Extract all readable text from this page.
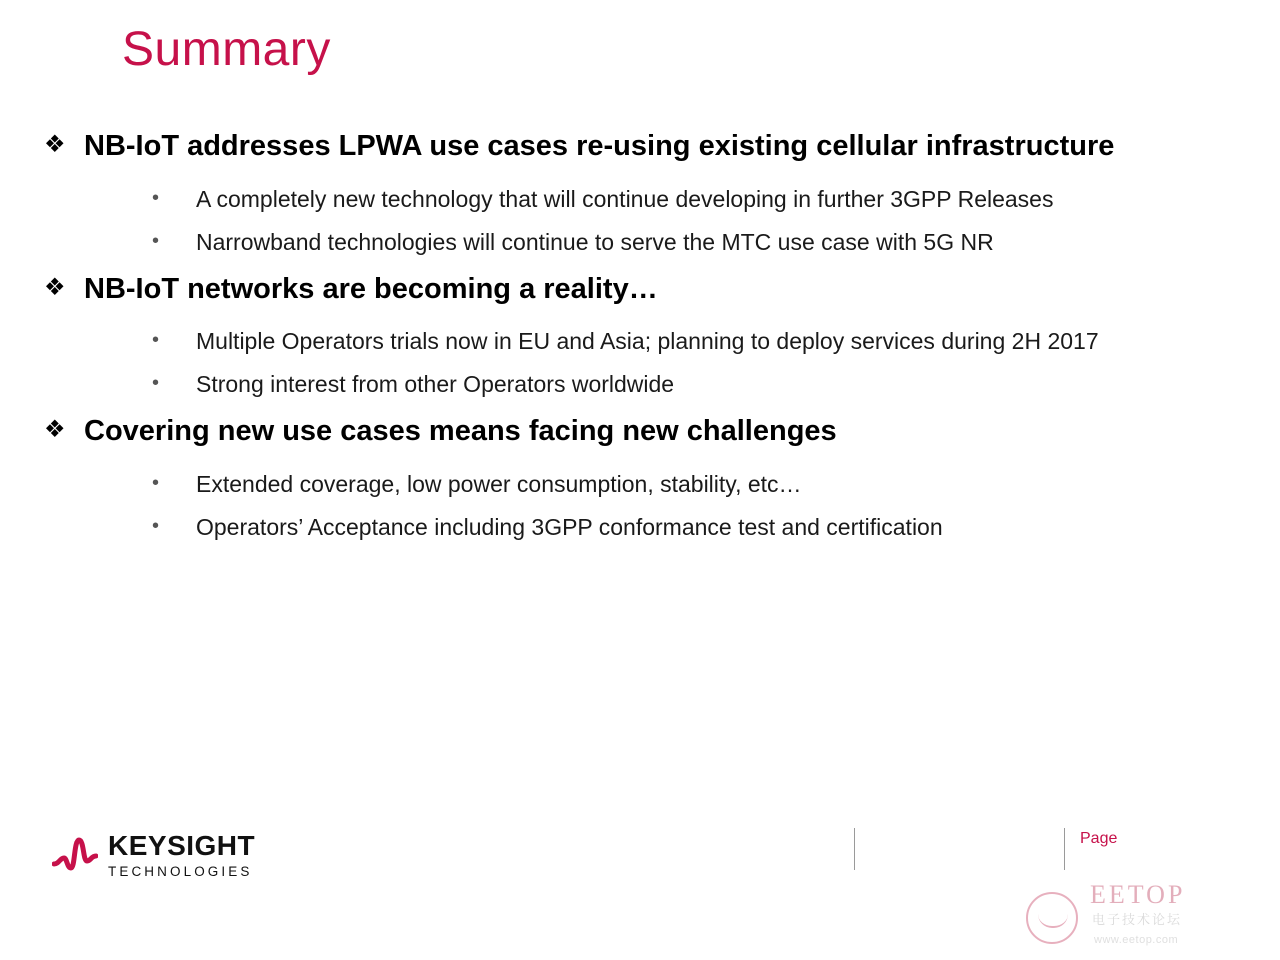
Summary
❖ NB-IoT addresses LPWA use cases re-using existing cellular infrastructure
•	A completely new technology that will continue developing in further 3GPP Releases
•	Narrowband technologies will continue to serve the MTC use case with 5G NR
❖ NB-IoT networks are becoming a reality…
•	Multiple Operators trials now in EU and Asia; planning to deploy services during 2H 2017
•	Strong interest from other Operators worldwide
❖ Covering new use cases means facing new challenges
•	Extended coverage, low power consumption, stability, etc…
•	Operators’ Acceptance including 3GPP conformance test and certification
KEYSIGHT
TECHNOLOGIES
Page
EETOP
电子技术论坛
www.eetop.com
